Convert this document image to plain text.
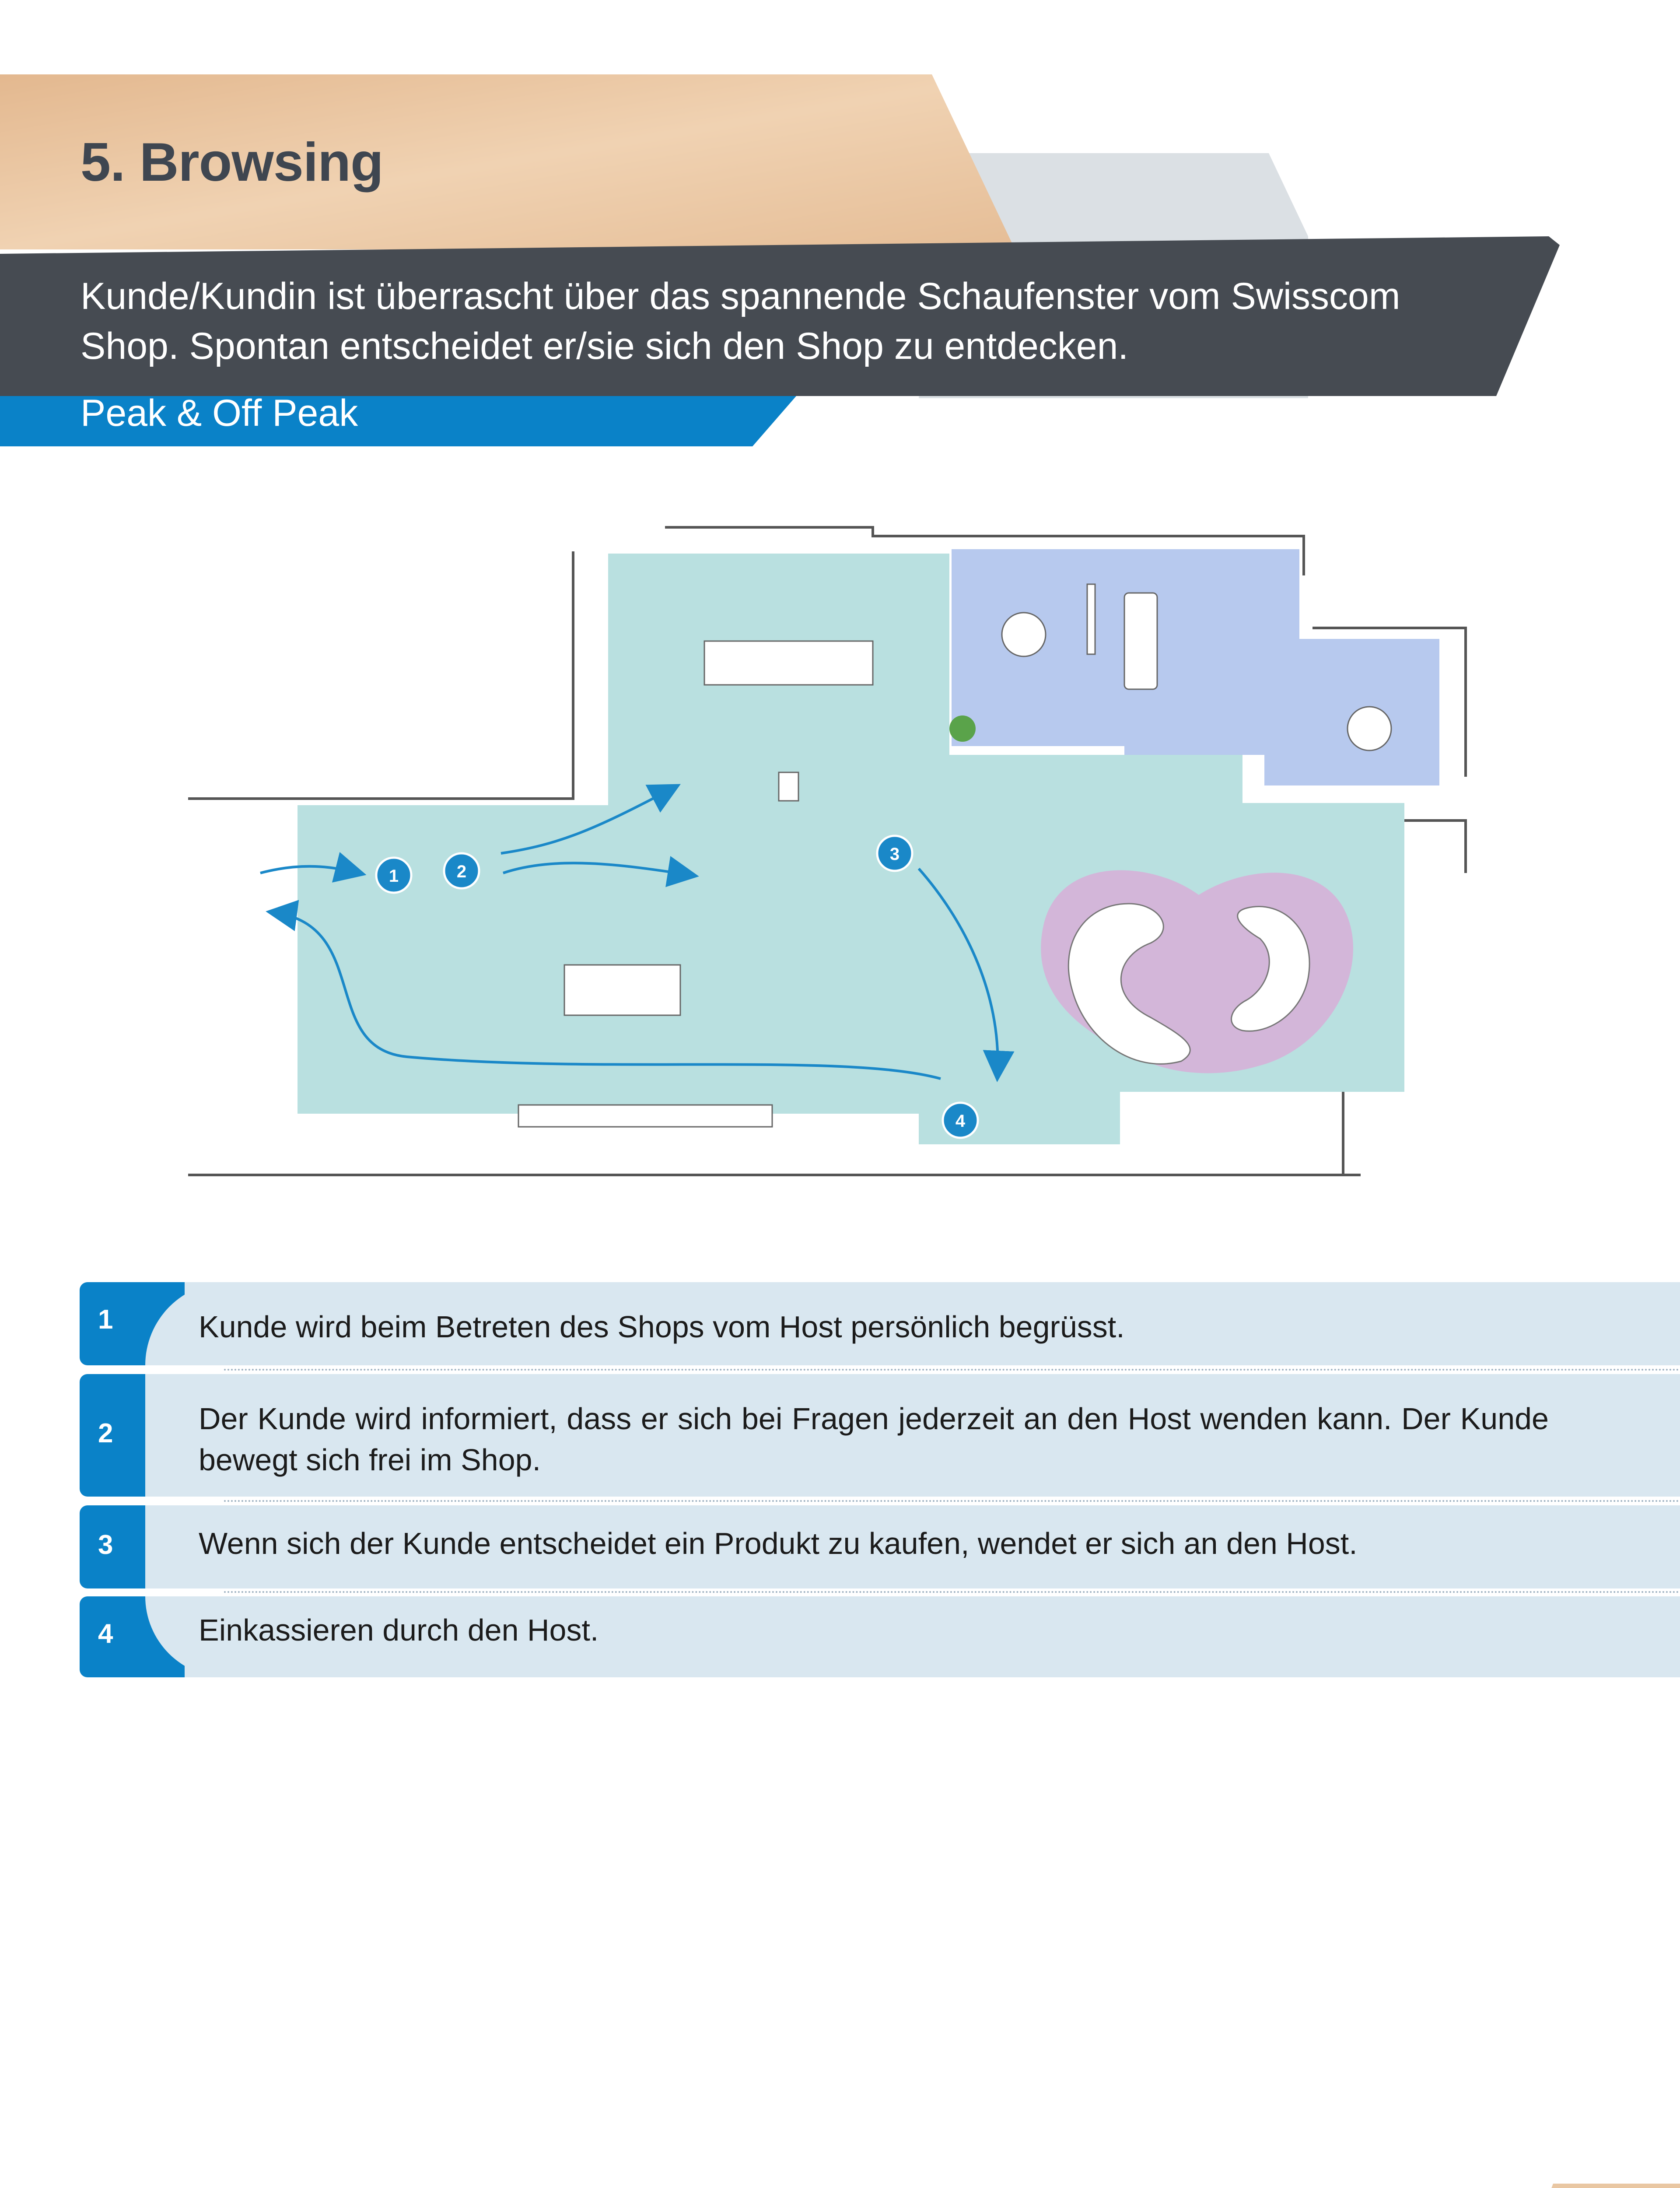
5. Browsing
Kunde/Kundin ist überrascht über das spannende Schaufenster vom Swisscom Shop. Spontan entscheidet er/sie sich den Shop zu entdecken.
Peak & Off Peak
1	2
3
4
1	Kunde wird beim Betreten des Shops vom Host persönlich begrüsst.
2	Der Kunde wird informiert, dass er sich bei Fragen jederzeit an den Host wenden kann. Der Kunde bewegt sich frei im Shop.
3	Wenn sich der Kunde entscheidet ein Produkt zu kaufen, wendet er sich an den Host.
4	Einkassieren durch den Host.
